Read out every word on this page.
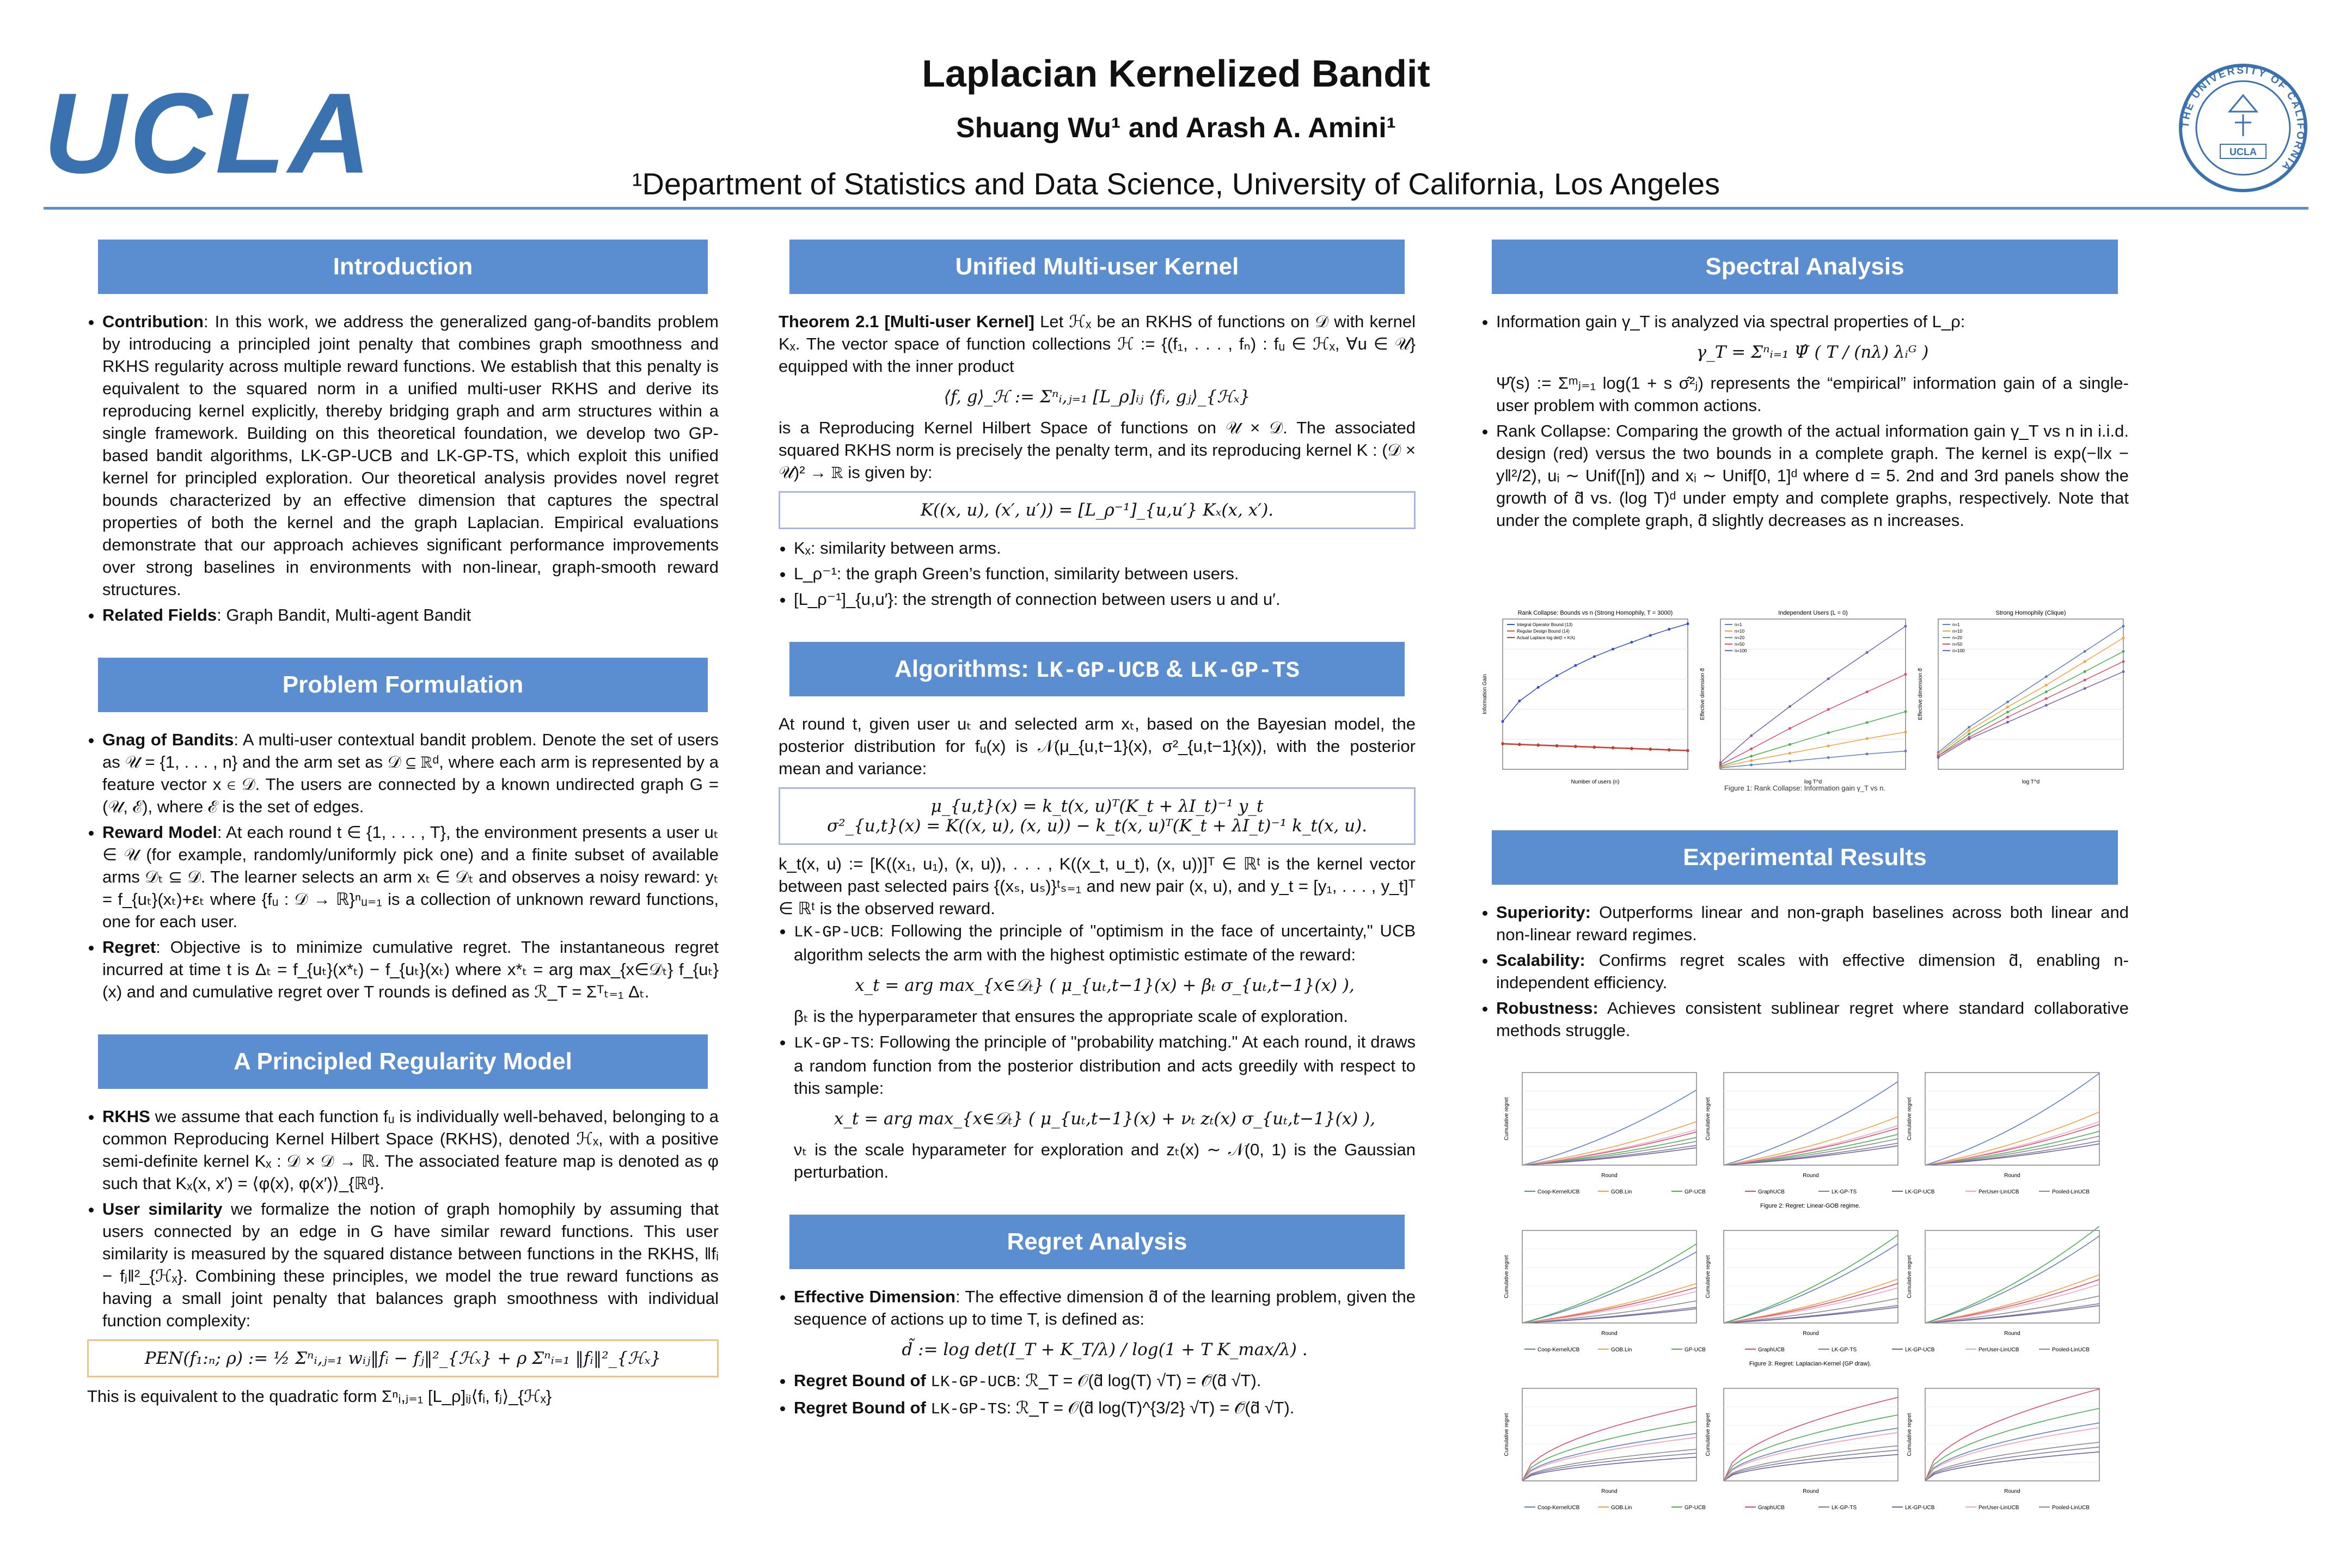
UCLA	Laplacian Kernelized Bandit
Shuang Wu¹ and Arash A. Amini¹
¹Department of Statistics and Data Science, University of California, Los Angeles
THE UNIVERSITY OF CALIFORNIA
UCLA
Introduction
• Contribution: In this work, we address the generalized gang-of-bandits problem by introducing a principled joint penalty that combines graph smoothness and RKHS regularity across multiple reward functions. We establish that this penalty is equivalent to the squared norm in a unified multi-user RKHS and derive its reproducing kernel explicitly, thereby bridging graph and arm structures within a single framework. Building on this theoretical foundation, we develop two GP-based bandit algorithms, LK-GP-UCB and LK-GP-TS, which exploit this unified kernel for principled exploration. Our theoretical analysis provides novel regret bounds characterized by an effective dimension that captures the spectral properties of both the kernel and the graph Laplacian. Empirical evaluations demonstrate that our approach achieves significant performance improvements over strong baselines in environments with non-linear, graph-smooth reward structures.
• Related Fields: Graph Bandit, Multi-agent Bandit
Problem Formulation
• Gnag of Bandits: A multi-user contextual bandit problem. Denote the set of users as 𝒰 = {1, . . . , n} and the arm set as 𝒟 ⊆ ℝᵈ, where each arm is represented by a feature vector x ∈ 𝒟. The users are connected by a known undirected graph G = (𝒰, ℰ), where ℰ is the set of edges.
• Reward Model: At each round t ∈ {1, . . . , T}, the environment presents a user uₜ ∈ 𝒰 (for example, randomly/uniformly pick one) and a finite subset of available arms 𝒟ₜ ⊆ 𝒟. The learner selects an arm xₜ ∈ 𝒟ₜ and observes a noisy reward: yₜ = f_{uₜ}(xₜ)+εₜ where {fᵤ : 𝒟 → ℝ}ⁿᵤ₌₁ is a collection of unknown reward functions, one for each user.
• Regret: Objective is to minimize cumulative regret. The instantaneous regret incurred at time t is Δₜ = f_{uₜ}(x*ₜ) − f_{uₜ}(xₜ) where x*ₜ = arg max_{x∈𝒟ₜ} f_{uₜ}(x) and and cumulative regret over T rounds is defined as ℛ_T = Σᵀₜ₌₁ Δₜ.
A Principled Regularity Model
• RKHS we assume that each function fᵤ is individually well-behaved, belonging to a common Reproducing Kernel Hilbert Space (RKHS), denoted ℋₓ, with a positive semi-definite kernel Kₓ : 𝒟 × 𝒟 → ℝ. The associated feature map is denoted as φ such that Kₓ(x, x′) = ⟨φ(x), φ(x′)⟩_{ℝᵈ}.
• User similarity we formalize the notion of graph homophily by assuming that users connected by an edge in G have similar reward functions. This user similarity is measured by the squared distance between functions in the RKHS, ‖fᵢ − fⱼ‖²_{ℋₓ}. Combining these principles, we model the true reward functions as having a small joint penalty that balances graph smoothness with individual function complexity:
PEN(f₁:ₙ; ρ) := ½ Σⁿᵢ,ⱼ₌₁ wᵢⱼ‖fᵢ − fⱼ‖²_{ℋₓ} + ρ Σⁿᵢ₌₁ ‖fᵢ‖²_{ℋₓ}
This is equivalent to the quadratic form Σⁿᵢ,ⱼ₌₁ [L_ρ]ᵢⱼ⟨fᵢ, fⱼ⟩_{ℋₓ}
Unified Multi-user Kernel
Theorem 2.1 [Multi-user Kernel] Let ℋₓ be an RKHS of functions on 𝒟 with kernel Kₓ. The vector space of function collections ℋ := {(f₁, . . . , fₙ) : fᵤ ∈ ℋₓ, ∀u ∈ 𝒰} equipped with the inner product
⟨f, g⟩_ℋ := Σⁿᵢ,ⱼ₌₁ [L_ρ]ᵢⱼ ⟨fᵢ, gⱼ⟩_{ℋₓ}
is a Reproducing Kernel Hilbert Space of functions on 𝒰 × 𝒟. The associated squared RKHS norm is precisely the penalty term, and its reproducing kernel K : (𝒟 × 𝒰)² → ℝ is given by:
K((x, u), (x′, u′)) = [L_ρ⁻¹]_{u,u′} Kₓ(x, x′).
• Kₓ: similarity between arms.
• L_ρ⁻¹: the graph Green’s function, similarity between users.
• [L_ρ⁻¹]_{u,u′}: the strength of connection between users u and u′.
Algorithms: LK-GP-UCB & LK-GP-TS
At round t, given user uₜ and selected arm xₜ, based on the Bayesian model, the posterior distribution for fᵤ(x) is 𝒩(μ_{u,t−1}(x), σ²_{u,t−1}(x)), with the posterior mean and variance:
μ_{u,t}(x) = k_t(x, u)ᵀ(K_t + λI_t)⁻¹ y_t
σ²_{u,t}(x) = K((x, u), (x, u)) − k_t(x, u)ᵀ(K_t + λI_t)⁻¹ k_t(x, u).
k_t(x, u) := [K((x₁, u₁), (x, u)), . . . , K((x_t, u_t), (x, u))]ᵀ ∈ ℝᵗ is the kernel vector between past selected pairs {(xₛ, uₛ)}ᵗₛ₌₁ and new pair (x, u), and y_t = [y₁, . . . , y_t]ᵀ ∈ ℝᵗ is the observed reward.
• LK-GP-UCB: Following the principle of "optimism in the face of uncertainty," UCB algorithm selects the arm with the highest optimistic estimate of the reward:
x_t = arg max_{x∈𝒟ₜ} ( μ_{uₜ,t−1}(x) + βₜ σ_{uₜ,t−1}(x) ),
βₜ is the hyperparameter that ensures the appropriate scale of exploration.
• LK-GP-TS: Following the principle of "probability matching." At each round, it draws a random function from the posterior distribution and acts greedily with respect to this sample:
x_t = arg max_{x∈𝒟ₜ} ( μ_{uₜ,t−1}(x) + νₜ zₜ(x) σ_{uₜ,t−1}(x) ),
νₜ is the scale hyparameter for exploration and zₜ(x) ∼ 𝒩(0, 1) is the Gaussian perturbation.
Regret Analysis
• Effective Dimension: The effective dimension d̃ of the learning problem, given the sequence of actions up to time T, is defined as:
d̃ := log det(I_T + K_T/λ) / log(1 + T K_max/λ) .
• Regret Bound of LK-GP-UCB: ℛ_T = 𝒪(d̃ log(T) √T) = 𝒪̃(d̃ √T).
• Regret Bound of LK-GP-TS: ℛ_T = 𝒪(d̃ log(T)^{3/2} √T) = 𝒪̃(d̃ √T).
Spectral Analysis
• Information gain γ_T is analyzed via spectral properties of L_ρ:
γ_T = Σⁿᵢ₌₁ Ψ̂ ( T / (nλ) λᵢᴳ )
Ψ̂(s) := Σᵐⱼ₌₁ log(1 + s σ̂²ⱼ) represents the “empirical” information gain of a single-user problem with common actions.
• Rank Collapse: Comparing the growth of the actual information gain γ_T vs n in i.i.d. design (red) versus the two bounds in a complete graph. The kernel is exp(−‖x − y‖²/2), uᵢ ∼ Unif([n]) and xᵢ ∼ Unif[0, 1]ᵈ where d = 5. 2nd and 3rd panels show the growth of d̃ vs. (log T)ᵈ under empty and complete graphs, respectively. Note that under the complete graph, d̃ slightly decreases as n increases.
Rank Collapse: Bounds vs n (Strong Homophily, T = 3000)
Number of users (n)
Information Gain
Integral Operator Bound (13)
Regular Design Bound (14)
Actual Laplace log det(I + K/λ)
Independent Users (L = 0)
log T^d
Effective dimension d̃
n=1
n=10
n=20
n=50
n=100
Strong Homophily (Clique)
log T^d
Effective dimension d̃
n=1
n=10
n=20
n=50
n=100
Figure 1: Rank Collapse: Information gain γ_T vs n.
Experimental Results
• Superiority: Outperforms linear and non-graph baselines across both linear and non-linear reward regimes.
• Scalability: Confirms regret scales with effective dimension d̃, enabling n-independent efficiency.
• Robustness: Achieves consistent sublinear regret where standard collaborative methods struggle.
Cumulative regret
Round
Cumulative regret
Round
Cumulative regret
Round
Coop-KernelUCB	GOB.Lin	GP-UCB	GraphUCB	LK-GP-TS	LK-GP-UCB	PerUser-LinUCB	Pooled-LinUCB
Figure 2: Regret: Linear-GOB regime.
Cumulative regret
Round
Cumulative regret
Round
Cumulative regret
Round
Coop-KernelUCB	GOB.Lin	GP-UCB	GraphUCB	LK-GP-TS	LK-GP-UCB	PerUser-LinUCB	Pooled-LinUCB
Figure 3: Regret: Laplacian-Kernel (GP draw).
Cumulative regret
Round
Cumulative regret
Round
Cumulative regret
Round
Coop-KernelUCB	GOB.Lin	GP-UCB	GraphUCB	LK-GP-TS	LK-GP-UCB	PerUser-LinUCB	Pooled-LinUCB
